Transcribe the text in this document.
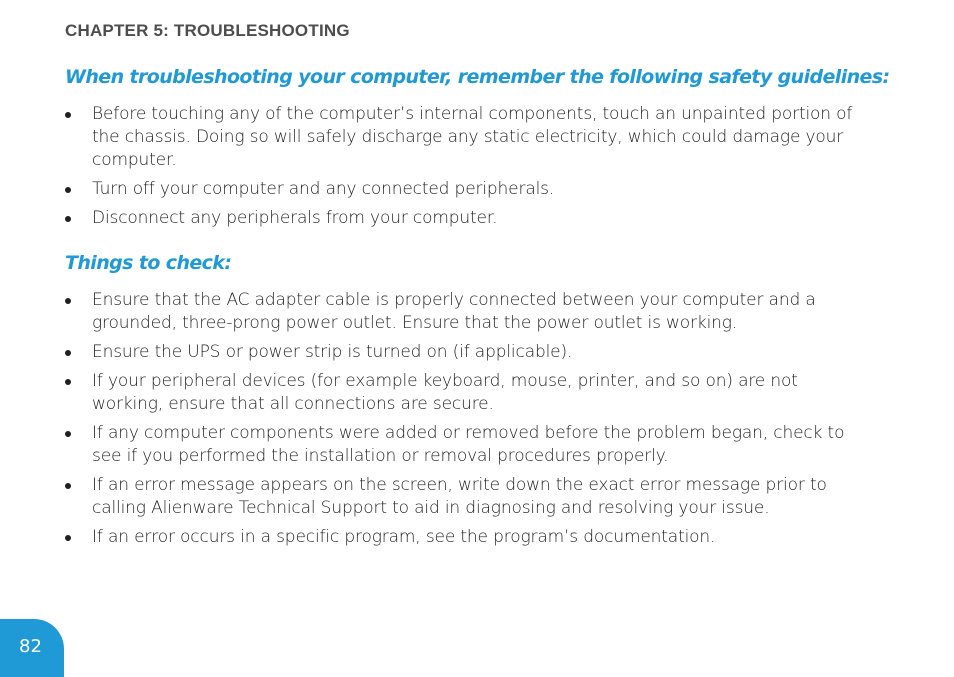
CHAPTER 5: TROUBLESHOOTING
When troubleshooting your computer, remember the following safety guidelines:
Before touching any of the computer’s internal components, touch an unpainted portion of the chassis. Doing so will safely discharge any static electricity, which could damage your computer.
Turn off your computer and any connected peripherals.
Disconnect any peripherals from your computer.
Things to check:
Ensure that the AC adapter cable is properly connected between your computer and a grounded, three-prong power outlet. Ensure that the power outlet is working.
Ensure the UPS or power strip is turned on (if applicable).
If your peripheral devices (for example keyboard, mouse, printer, and so on) are not working, ensure that all connections are secure.
If any computer components were added or removed before the problem began, check to see if you performed the installation or removal procedures properly.
If an error message appears on the screen, write down the exact error message prior to calling Alienware Technical Support to aid in diagnosing and resolving your issue.
If an error occurs in a specific program, see the program’s documentation.
82
